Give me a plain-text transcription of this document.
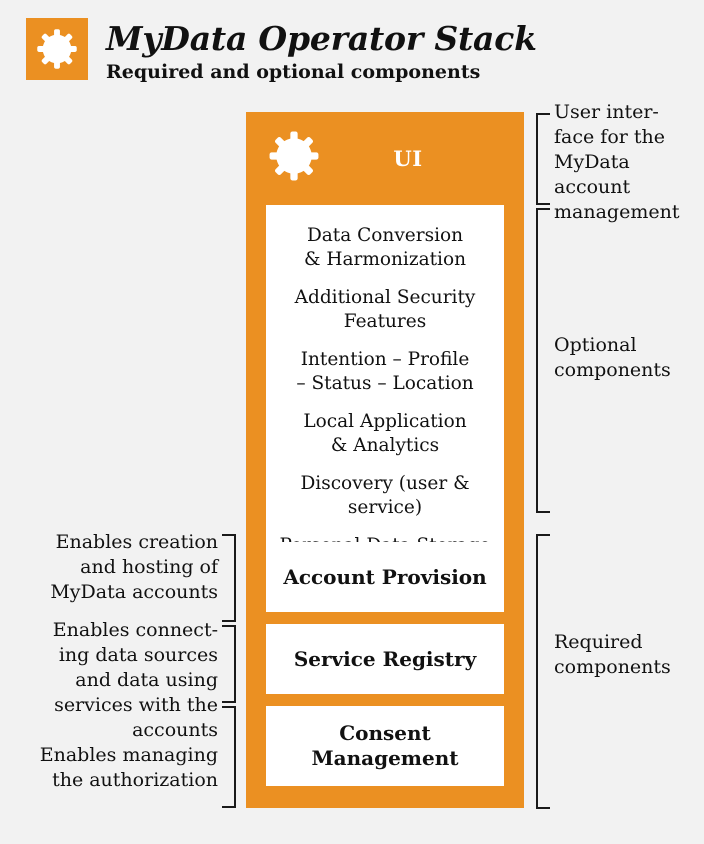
MyData Operator Stack
Required and optional components
UI
Data Conversion
& Harmonization
Additional Security
Features
Intention – Profile
– Status – Location
Local Application
& Analytics
Discovery (user & service)
Account Provision
Service Registry
Consent
Management
User inter-
face for the
MyData
account
management
Optional
components
Required
components
Enables creation
and hosting of
MyData accounts
Enables connect-
ing data sources
and data using
services with the
accounts
Enables managing
the authorization
